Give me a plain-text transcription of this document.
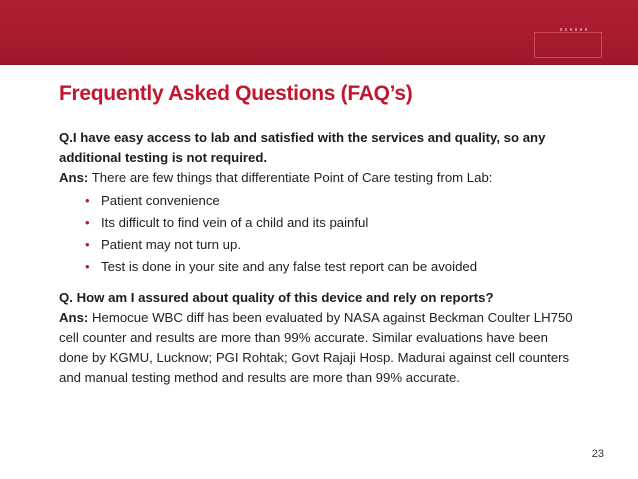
Frequently Asked Questions (FAQ’s)

Q.I have easy access to lab and satisfied with the services and quality, so any additional testing is not required.

Ans: There are few things that differentiate Point of Care testing from Lab:

• Patient convenience
• Its difficult to find vein of a child and its painful
• Patient may not turn up.
• Test is done in your site and any false test report can be avoided

Q. How am I assured about quality of this device and rely on reports?

Ans: Hemocue WBC diff has been evaluated by NASA against Beckman Coulter LH750 cell counter and results are more than 99% accurate. Similar evaluations have been done by KGMU, Lucknow; PGI Rohtak; Govt Rajaji Hosp. Madurai against cell counters and manual testing method and results are more than 99% accurate.

23
